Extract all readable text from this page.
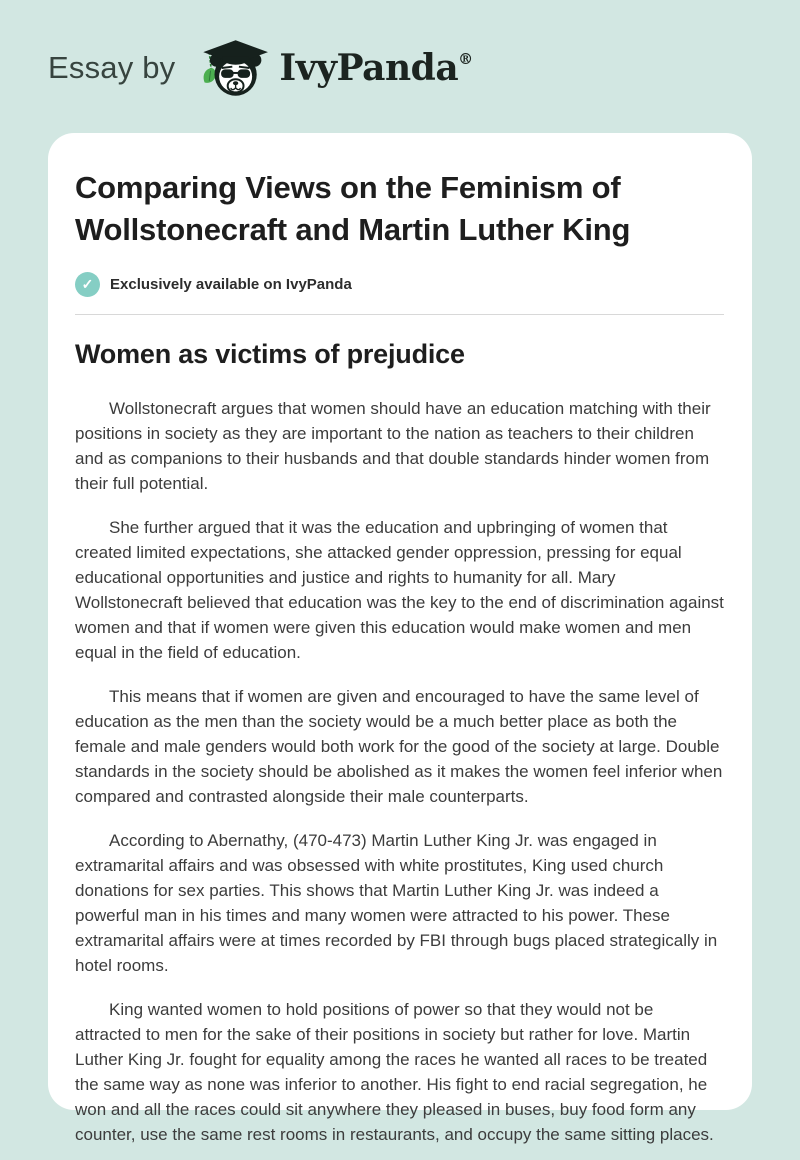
Essay by	IvyPanda®
Comparing Views on the Feminism of Wollstonecraft and Martin Luther King
✓	Exclusively available on IvyPanda
Women as victims of prejudice

Wollstonecraft argues that women should have an education matching with their positions in society as they are important to the nation as teachers to their children and as companions to their husbands and that double standards hinder women from their full potential.

She further argued that it was the education and upbringing of women that created limited expectations, she attacked gender oppression, pressing for equal educational opportunities and justice and rights to humanity for all. Mary Wollstonecraft believed that education was the key to the end of discrimination against women and that if women were given this education would make women and men equal in the field of education.

This means that if women are given and encouraged to have the same level of education as the men than the society would be a much better place as both the female and male genders would both work for the good of the society at large. Double standards in the society should be abolished as it makes the women feel inferior when compared and contrasted alongside their male counterparts.

According to Abernathy, (470-473) Martin Luther King Jr. was engaged in extramarital affairs and was obsessed with white prostitutes, King used church donations for sex parties. This shows that Martin Luther King Jr. was indeed a powerful man in his times and many women were attracted to his power. These extramarital affairs were at times recorded by FBI through bugs placed strategically in hotel rooms.

King wanted women to hold positions of power so that they would not be attracted to men for the sake of their positions in society but rather for love. Martin Luther King Jr. fought for equality among the races he wanted all races to be treated the same way as none was inferior to another. His fight to end racial segregation, he won and all the races could sit anywhere they pleased in buses, buy food form any counter, use the same rest rooms in restaurants, and occupy the same sitting places.
